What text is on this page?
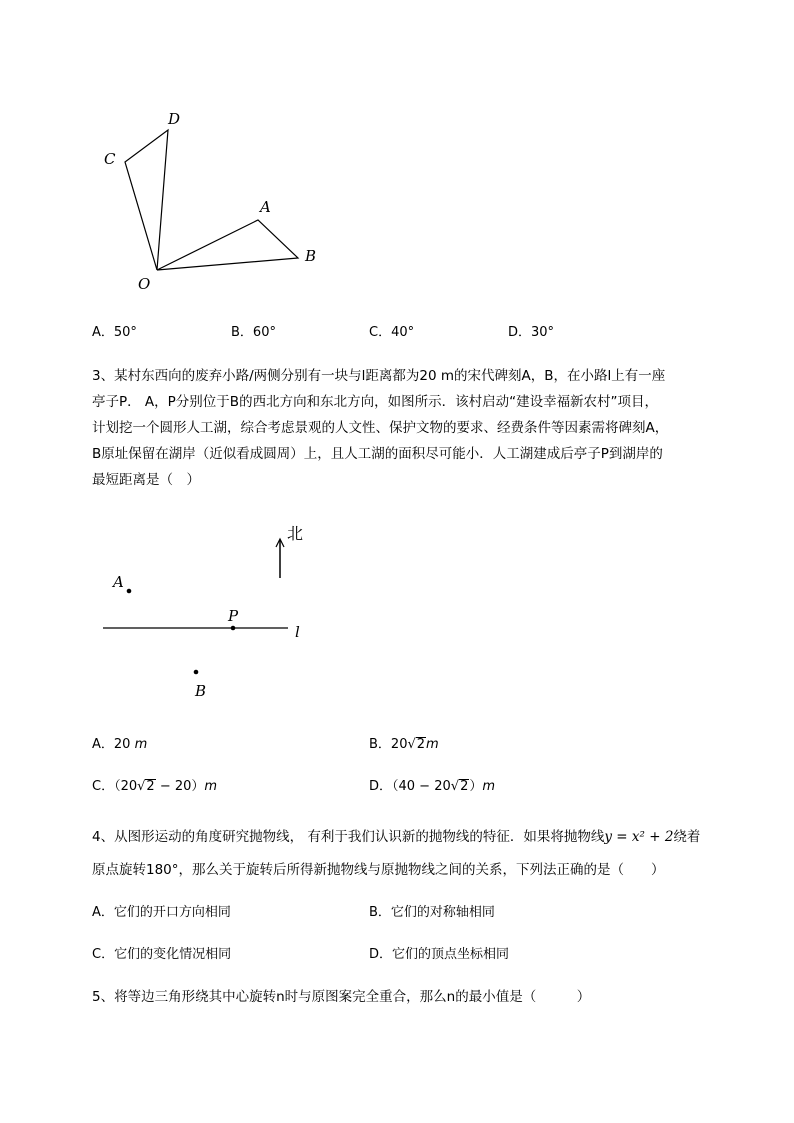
D
C
A
B
O
A．50°	B．60°	C．40°	D．30°
3、某村东西向的废弃小路/两侧分别有一块与l距离都为20 m的宋代碑刻A，B，在小路l上有一座
亭子P． A，P分别位于B的西北方向和东北方向，如图所示．该村启动“建设幸福新农村”项目，
计划挖一个圆形人工湖，综合考虑景观的人文性、保护文物的要求、经费条件等因素需将碑刻A，
B原址保留在湖岸（近似看成圆周）上，且人工湖的面积尽可能小．人工湖建成后亭子P到湖岸的
最短距离是（　）
北
A
P
l
B
A．20 m	B．20√2m
C．（20√2 − 20）m	D．（40 − 20√2）m
4、从图形运动的角度研究抛物线， 有利于我们认识新的抛物线的特征．如果将抛物线y = x² + 2绕着
原点旋转180°，那么关于旋转后所得新抛物线与原抛物线之间的关系，下列法正确的是（　　）
A．它们的开口方向相同	B．它们的对称轴相同
C．它们的变化情况相同	D．它们的顶点坐标相同
5、将等边三角形绕其中心旋转n时与原图案完全重合，那么n的最小值是（　　　）
